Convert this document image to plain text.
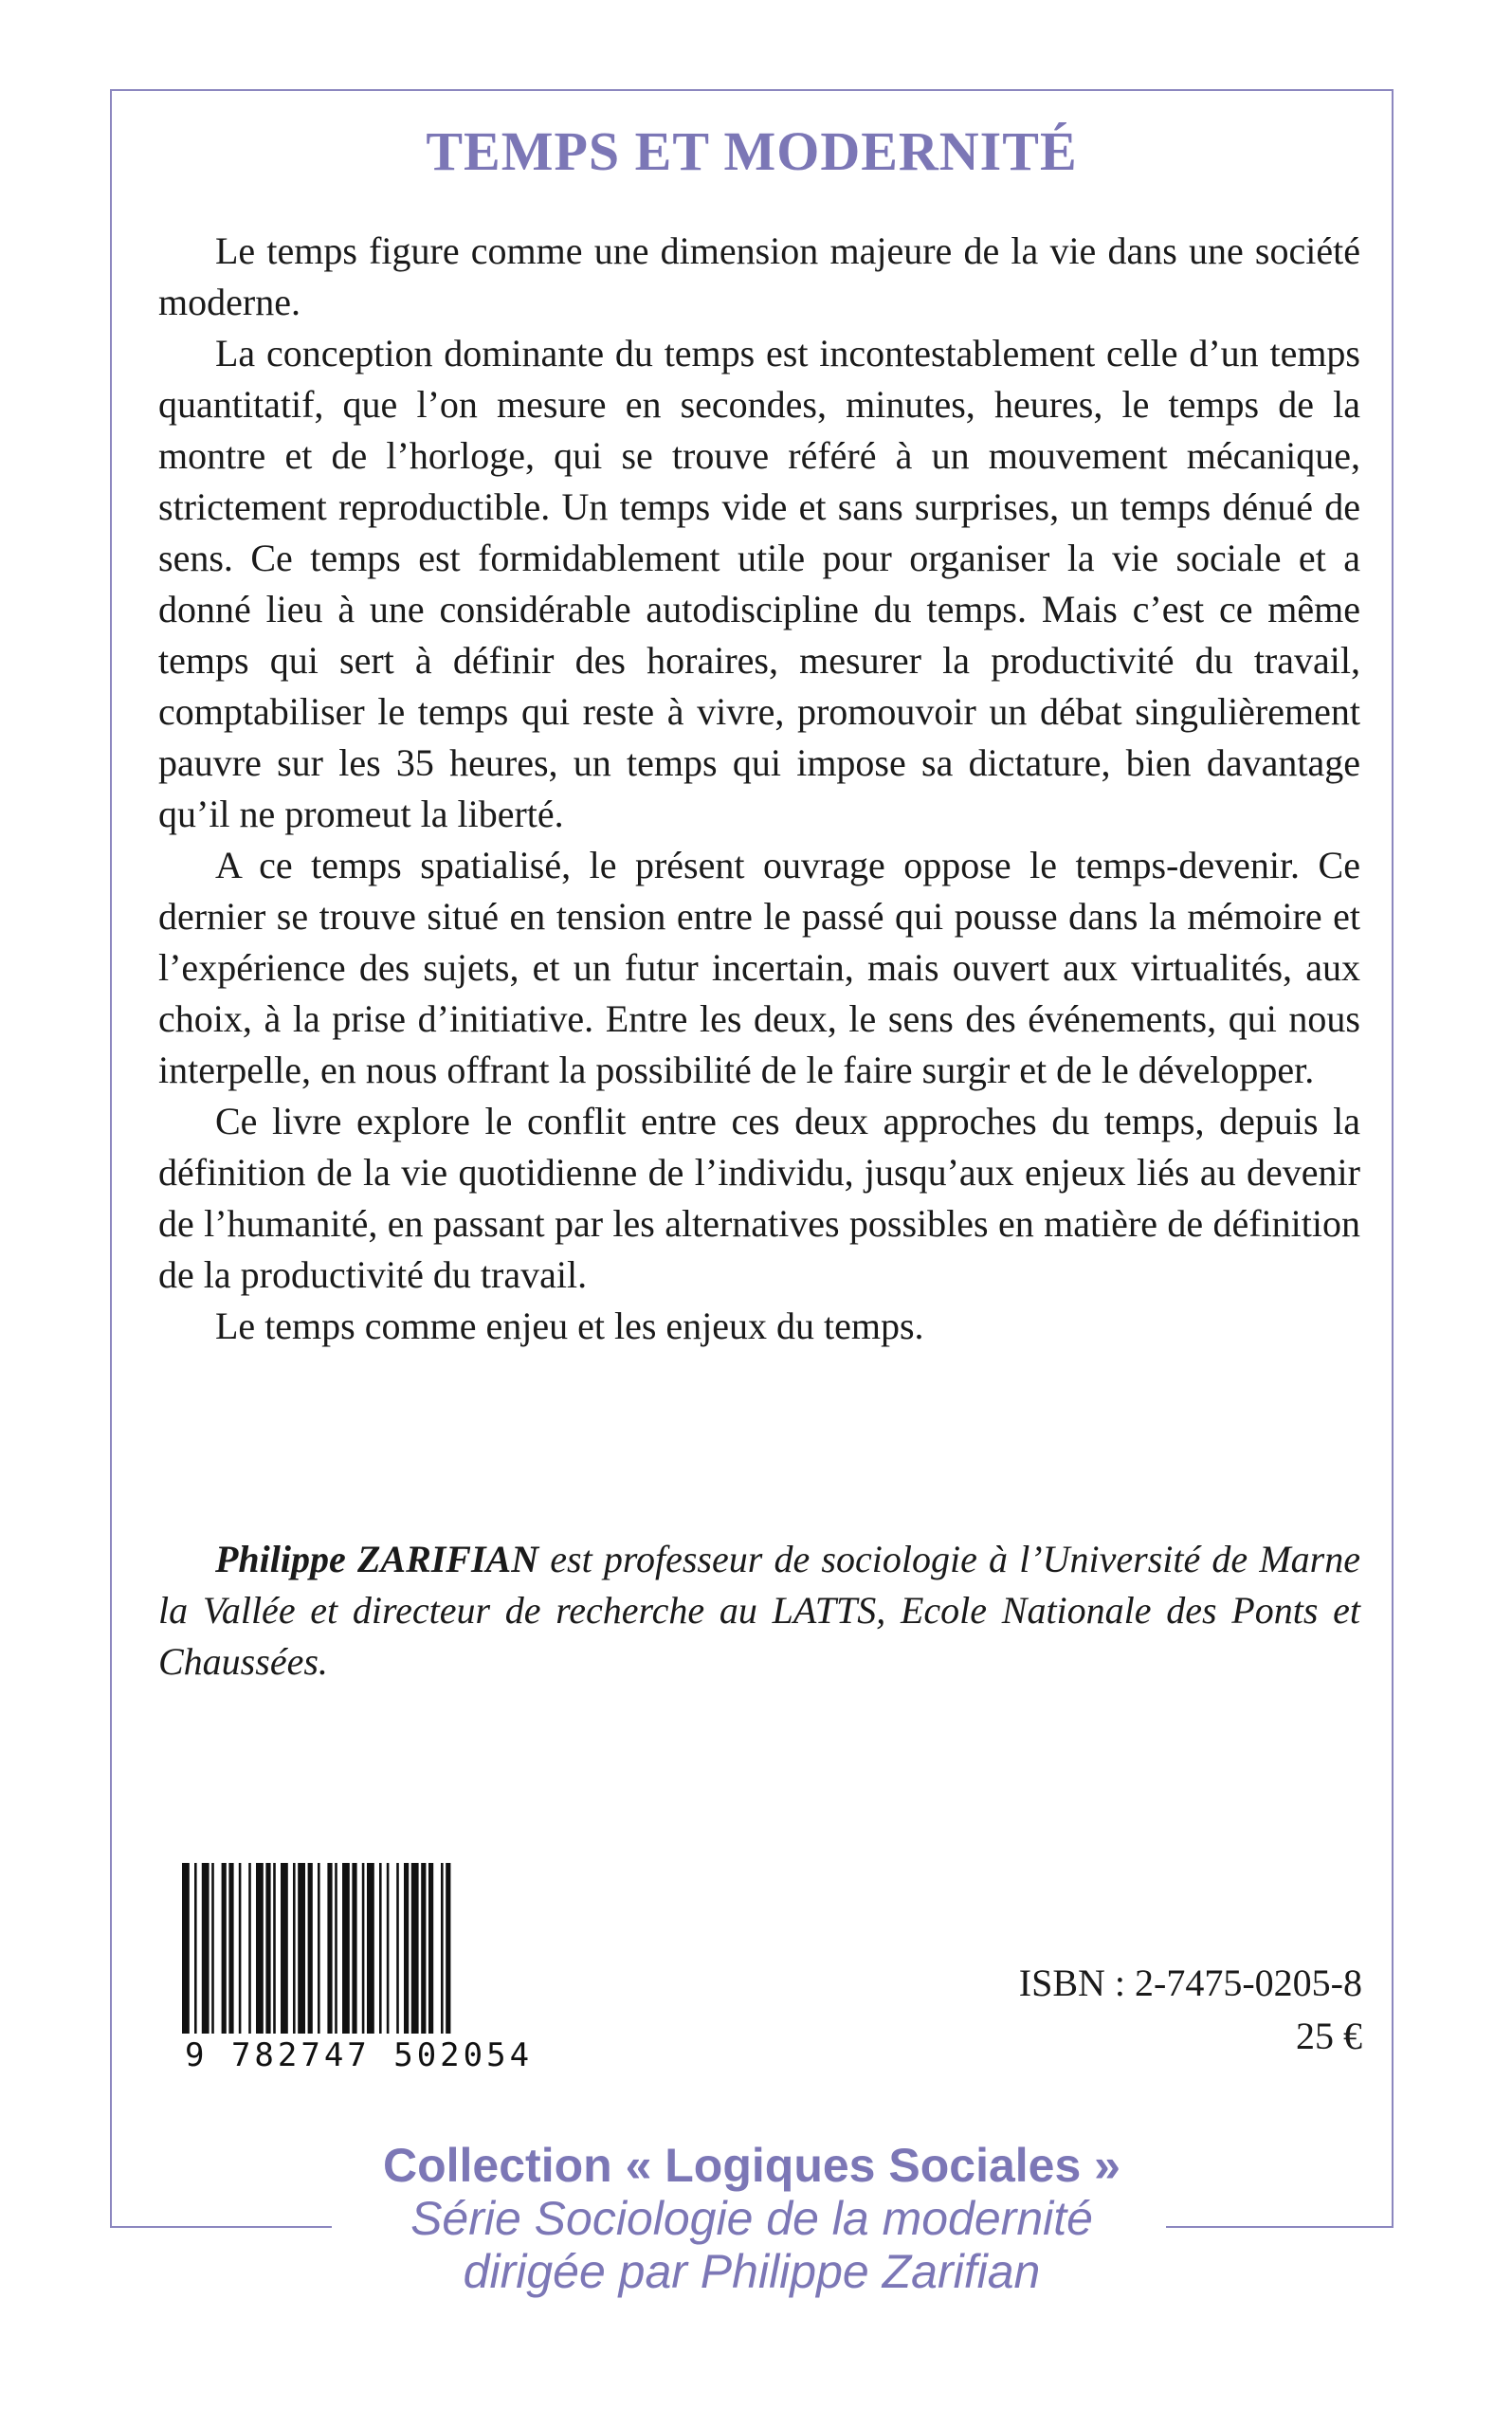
TEMPS ET MODERNITÉ

Le temps figure comme une dimension majeure de la vie dans une société moderne.

La conception dominante du temps est incontestablement celle d’un temps quantitatif, que l’on mesure en secondes, minutes, heures, le temps de la montre et de l’horloge, qui se trouve référé à un mouvement mécanique, strictement reproductible. Un temps vide et sans surprises, un temps dénué de sens. Ce temps est formidablement utile pour organiser la vie sociale et a donné lieu à une considérable autodiscipline du temps. Mais c’est ce même temps qui sert à définir des horaires, mesurer la productivité du travail, comptabiliser le temps qui reste à vivre, promouvoir un débat singulièrement pauvre sur les 35 heures, un temps qui impose sa dictature, bien davantage qu’il ne promeut la liberté.

A ce temps spatialisé, le présent ouvrage oppose le temps-devenir. Ce dernier se trouve situé en tension entre le passé qui pousse dans la mémoire et l’expérience des sujets, et un futur incertain, mais ouvert aux virtualités, aux choix, à la prise d’initiative. Entre les deux, le sens des événements, qui nous interpelle, en nous offrant la possibilité de le faire surgir et de le développer.

Ce livre explore le conflit entre ces deux approches du temps, depuis la définition de la vie quotidienne de l’individu, jusqu’aux enjeux liés au devenir de l’humanité, en passant par les alternatives possibles en matière de définition de la productivité du travail.

Le temps comme enjeu et les enjeux du temps.

Philippe ZARIFIAN est professeur de sociologie à l’Université de Marne la Vallée et directeur de recherche au LATTS, Ecole Nationale des Ponts et Chaussées.

9 782747 502054
ISBN : 2-7475-0205-8
25 €
Collection « Logiques Sociales »
Série Sociologie de la modernité
dirigée par Philippe Zarifian
